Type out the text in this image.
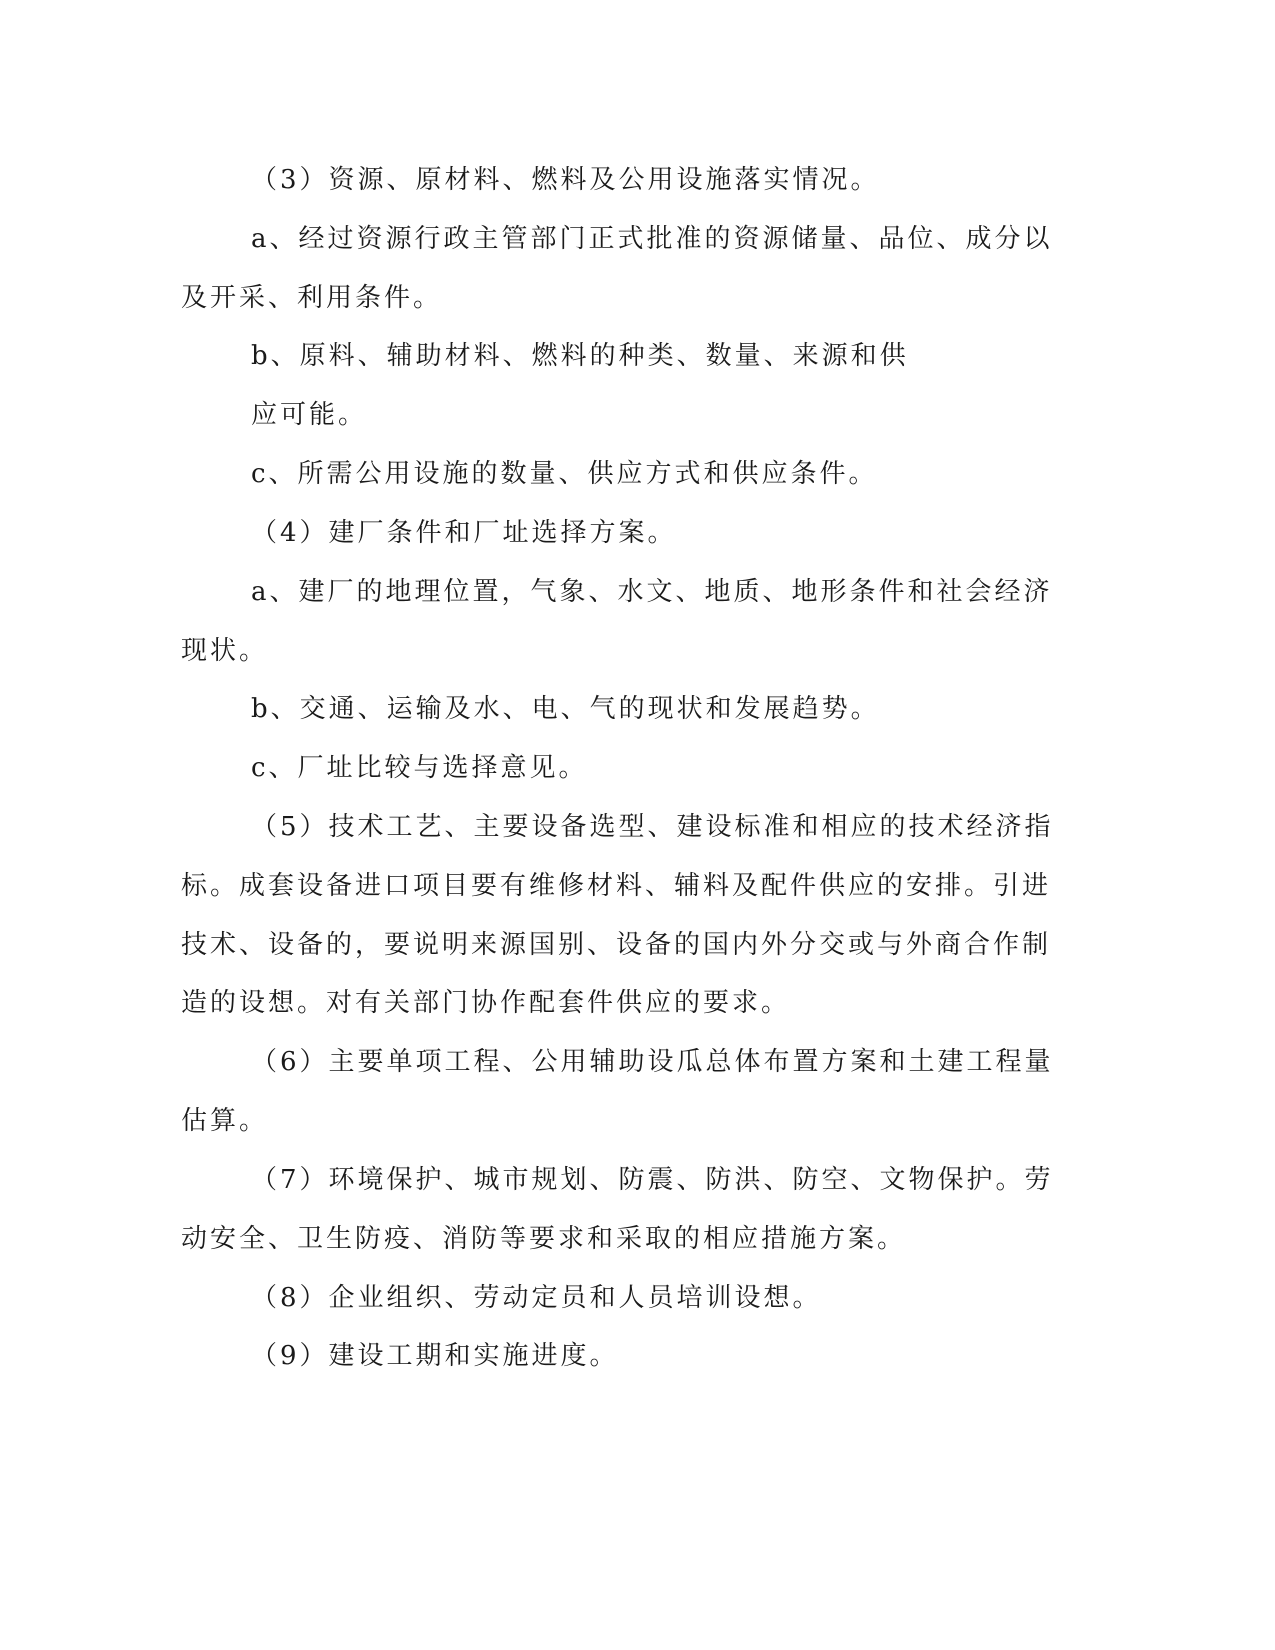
（3）资源、原材料、燃料及公用设施落实情况。
a、经过资源行政主管部门正式批准的资源储量、品位、成分以
及开采、利用条件。
b、原料、辅助材料、燃料的种类、数量、来源和供
应可能。
c、所需公用设施的数量、供应方式和供应条件。
（4）建厂条件和厂址选择方案。
a、建厂的地理位置，气象、水文、地质、地形条件和社会经济
现状。
b、交通、运输及水、电、气的现状和发展趋势。
c、厂址比较与选择意见。
（5）技术工艺、主要设备选型、建设标准和相应的技术经济指
标。成套设备进口项目要有维修材料、辅料及配件供应的安排。引进
技术、设备的，要说明来源国别、设备的国内外分交或与外商合作制
造的设想。对有关部门协作配套件供应的要求。
（6）主要单项工程、公用辅助设瓜总体布置方案和土建工程量
估算。
（7）环境保护、城市规划、防震、防洪、防空、文物保护。劳
动安全、卫生防疫、消防等要求和采取的相应措施方案。
（8）企业组织、劳动定员和人员培训设想。
（9）建设工期和实施进度。
